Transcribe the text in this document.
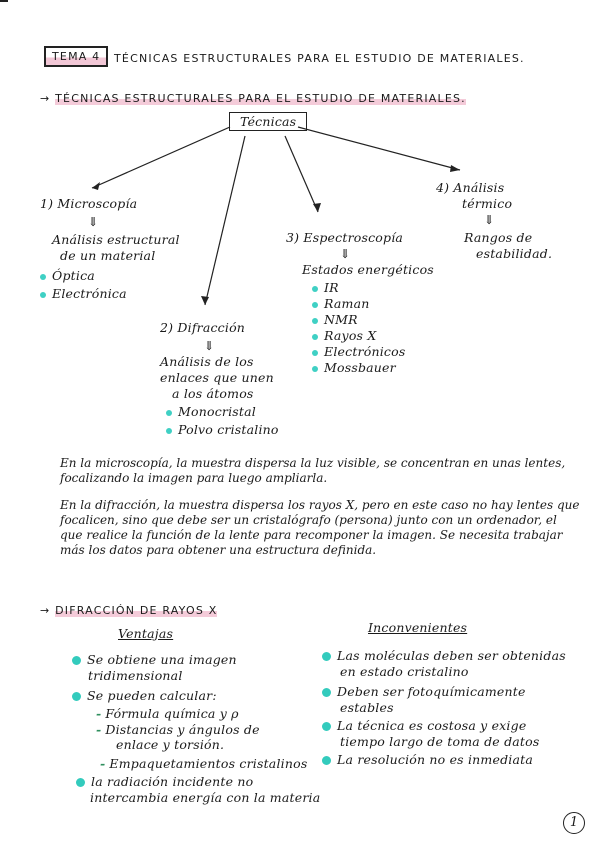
TEMA 4	TÉCNICAS ESTRUCTURALES PARA EL ESTUDIO DE MATERIALES.
→ TÉCNICAS ESTRUCTURALES PARA EL ESTUDIO DE MATERIALES.
Técnicas
1) Microscopía
⇓
Análisis estructural
de un material
Óptica
Electrónica
2) Difracción
⇓
Análisis de los
enlaces que unen
a los átomos
Monocristal
Polvo cristalino
3) Espectroscopía
⇓
Estados energéticos
IR
Raman
NMR
Rayos X
Electrónicos
Mossbauer
4) Análisis
térmico
⇓
Rangos de
estabilidad.
En la microscopía, la muestra dispersa la luz visible, se concentran en unas lentes, focalizando la imagen para luego ampliarla.
En la difracción, la muestra dispersa los rayos X, pero en este caso no hay lentes que focalicen, sino que debe ser un cristalógrafo (persona) junto con un ordenador, el que realice la función de la lente para recomponer la imagen. Se necesita trabajar más los datos para obtener una estructura definida.
→ DIFRACCIÓN DE RAYOS X
Ventajas	Inconvenientes
Se obtiene una imagen
tridimensional
Se pueden calcular:
- Fórmula química y ρ
- Distancias y ángulos de
enlace y torsión.
- Empaquetamientos cristalinos
la radiación incidente no
intercambia energía con la materia
Las moléculas deben ser obtenidas
en estado cristalino
Deben ser fotoquímicamente
estables
La técnica es costosa y exige
tiempo largo de toma de datos
La resolución no es inmediata
1
